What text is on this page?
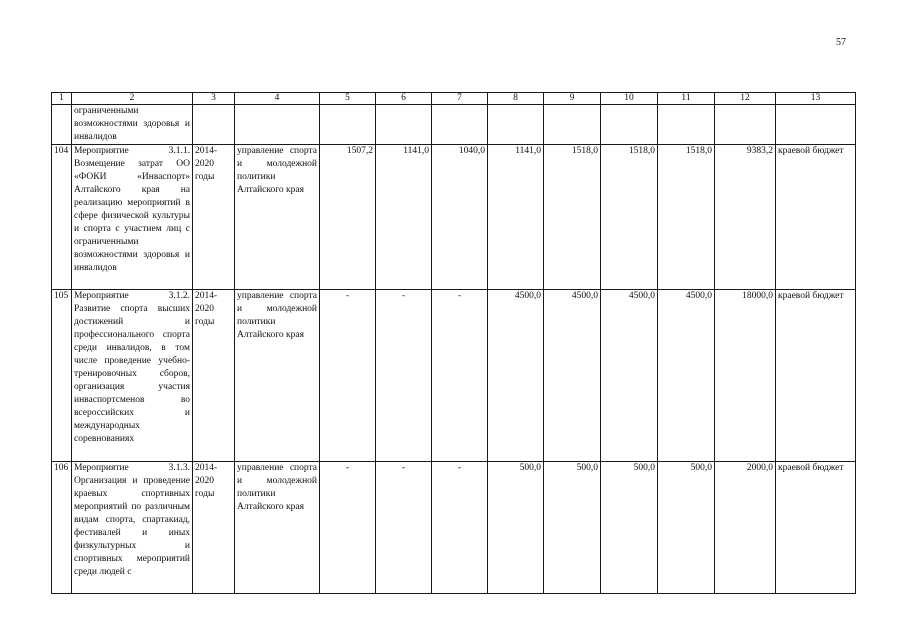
57
1	2	3	4	5	6	7	8	9	10	11	12	13
	ограниченными возможностями здоровья и инвалидов											
104	Мероприятие 3.1.1. Возмещение затрат ОО «ФОКИ «Инваспорт» Алтайского края на реализацию мероприятий в сфере физической культуры и спорта с участием лиц с ограниченными возможностями здоровья и инвалидов	2014-2020 годы	управление спорта и молодежной политики Алтайского края	1507,2	1141,0	1040,0	1141,0	1518,0	1518,0	1518,0	9383,2	краевой бюджет
105	Мероприятие 3.1.2. Развитие спорта высших достижений и профессионального спорта среди инвалидов, в том числе проведение учебно-тренировочных сборов, организация участия инваспортсменов во всероссийских и международных соревнованиях	2014-2020 годы	управление спорта и молодежной политики Алтайского края	-	-	-	4500,0	4500,0	4500,0	4500,0	18000,0	краевой бюджет
106	Мероприятие 3.1.3. Организация и проведение краевых спортивных мероприятий по различным видам спорта, спартакиад, фестивалей и иных физкультурных и спортивных мероприятий среди людей с	2014-2020 годы	управление спорта и молодежной политики Алтайского края	-	-	-	500,0	500,0	500,0	500,0	2000,0	краевой бюджет
